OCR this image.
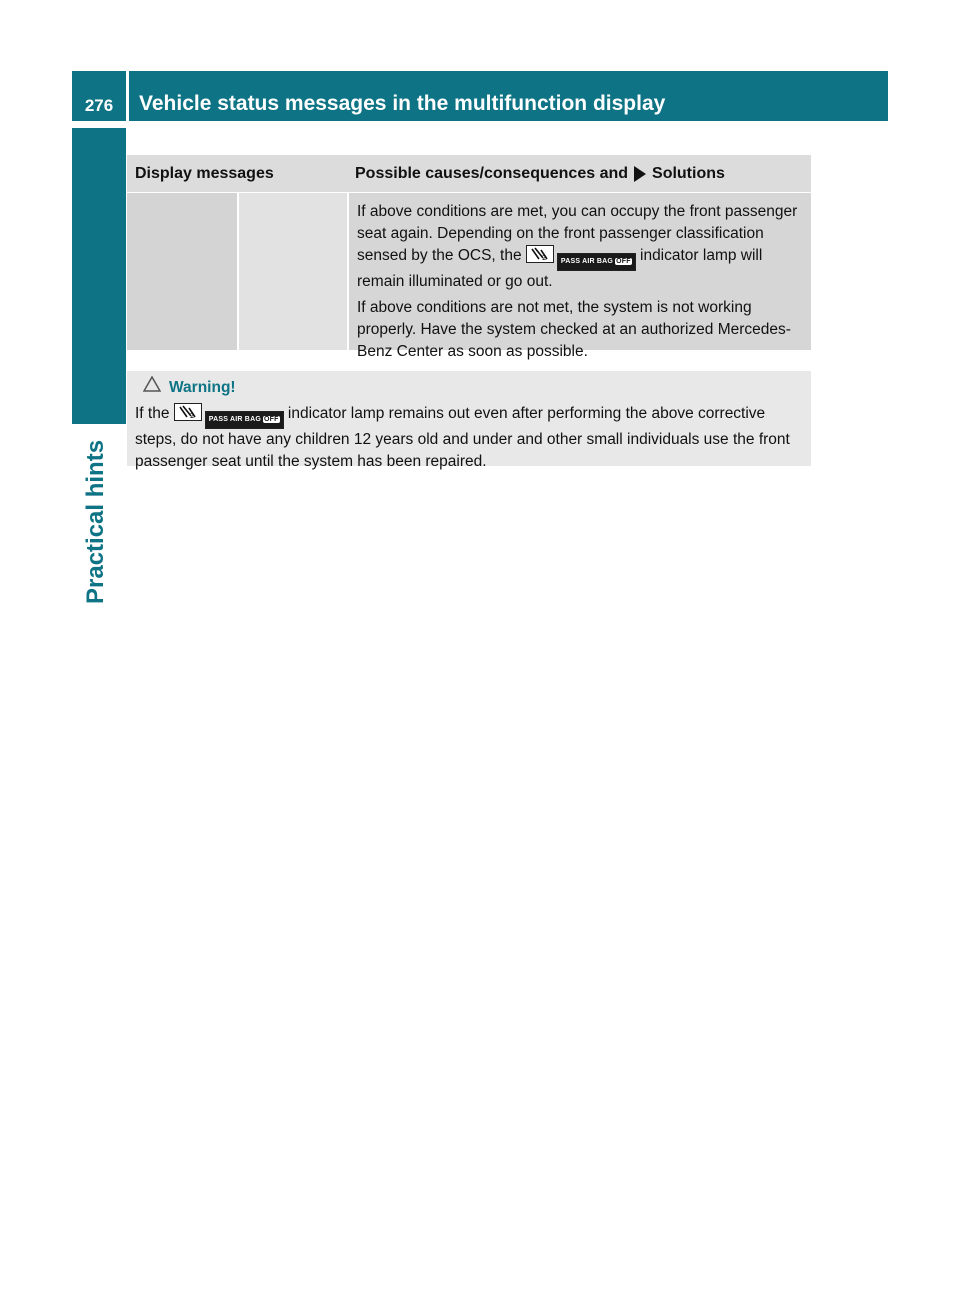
276	Vehicle status messages in the multifunction display
Practical hints
Display messages	Possible causes/consequences and Solutions

If above conditions are met, you can occupy the front passenger seat again. Depending on the front passenger classification sensed by the OCS, the	2 PASS AIR BAG OFF indicator lamp will remain illuminated or go out.

If above conditions are not met, the system is not working properly. Have the system checked at an authorized Mercedes-Benz Center as soon as possible.

Warning!
If the	2 PASS AIR BAG OFF indicator lamp remains out even after performing the above corrective steps, do not have any children 12 years old and under and other small individuals use the front passenger seat until the system has been repaired.
